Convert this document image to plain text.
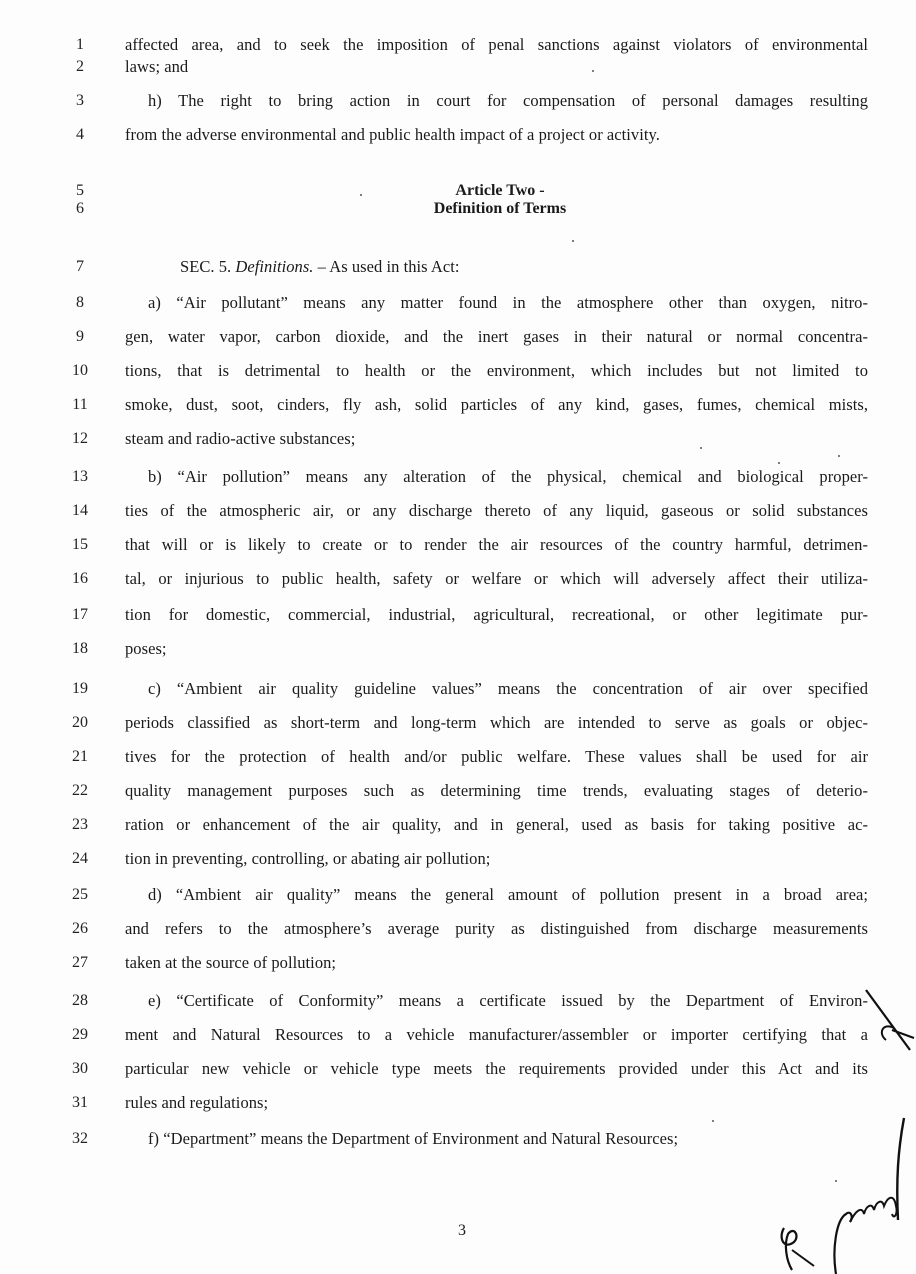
1	affected area, and to seek the imposition of penal sanctions against violators of environmental
2	laws; and
3	h) The right to bring action in court for compensation of personal damages resulting
4	from the adverse environmental and public health impact of a project or activity.
5	Article Two -
6	Definition of Terms
7	SEC. 5. Definitions. – As used in this Act:
8	a) “Air pollutant” means any matter found in the atmosphere other than oxygen, nitro-
9	gen, water vapor, carbon dioxide, and the inert gases in their natural or normal concentra-
10	tions, that is detrimental to health or the environment, which includes but not limited to
11	smoke, dust, soot, cinders, fly ash, solid particles of any kind, gases, fumes, chemical mists,
12	steam and radio-active substances;
13	b) “Air pollution” means any alteration of the physical, chemical and biological proper-
14	ties of the atmospheric air, or any discharge thereto of any liquid, gaseous or solid substances
15	that will or is likely to create or to render the air resources of the country harmful, detrimen-
16	tal, or injurious to public health, safety or welfare or which will adversely affect their utiliza-
17	tion for domestic, commercial, industrial, agricultural, recreational, or other legitimate pur-
18	poses;
19	c) “Ambient air quality guideline values” means the concentration of air over specified
20	periods classified as short-term and long-term which are intended to serve as goals or objec-
21	tives for the protection of health and/or public welfare. These values shall be used for air
22	quality management purposes such as determining time trends, evaluating stages of deterio-
23	ration or enhancement of the air quality, and in general, used as basis for taking positive ac-
24	tion in preventing, controlling, or abating air pollution;
25	d) “Ambient air quality” means the general amount of pollution present in a broad area;
26	and refers to the atmosphere’s average purity as distinguished from discharge measurements
27	taken at the source of pollution;
28	e) “Certificate of Conformity” means a certificate issued by the Department of Environ-
29	ment and Natural Resources to a vehicle manufacturer/assembler or importer certifying that a
30	particular new vehicle or vehicle type meets the requirements provided under this Act and its
31	rules and regulations;
32	f) “Department” means the Department of Environment and Natural Resources;
3
